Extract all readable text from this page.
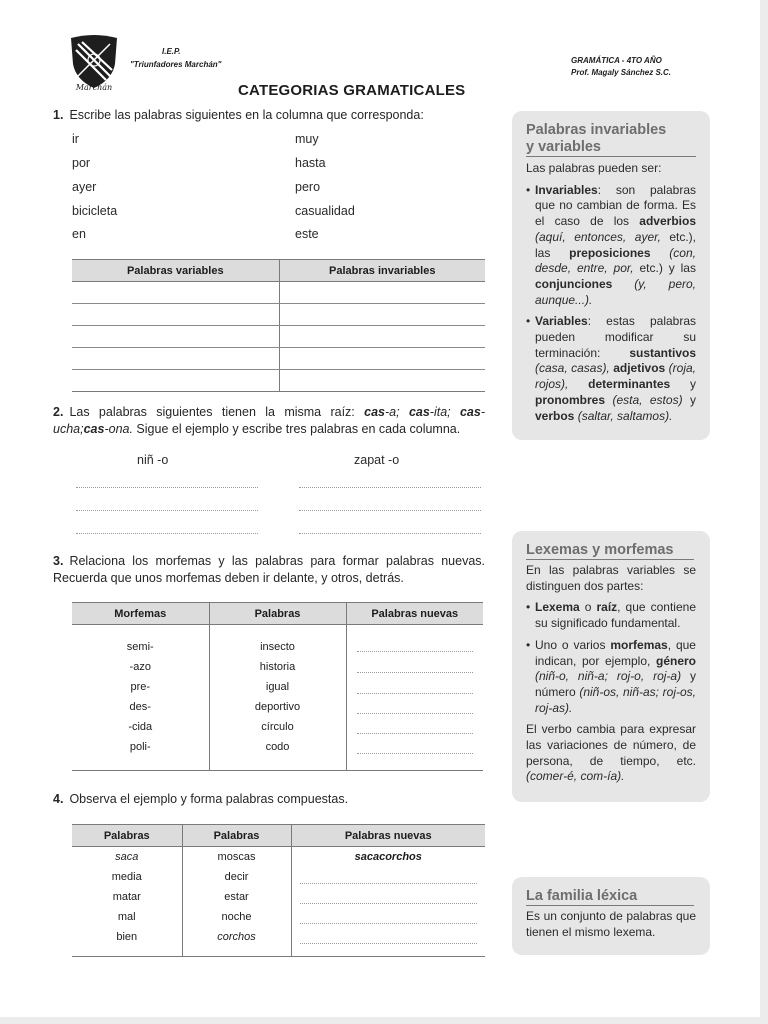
Marchán
I.E.P.
"Triunfadores Marchán"	GRAMÁTICA - 4TO AÑO
Prof. Magaly Sánchez S.C.
CATEGORIAS GRAMATICALES
1. Escribe las palabras siguientes en la columna que corresponda:
ir
por
ayer
bicicleta
en
muy
hasta
pero
casualidad
este
Palabras variables	Palabras invariables

2. Las palabras siguientes tienen la misma raíz: cas-a; cas-ita; cas-ucha;cas-ona. Sigue el ejemplo y escribe tres palabras en cada columna.
niñ -o	zapat -o
3. Relaciona los morfemas y las palabras para formar palabras nuevas. Recuerda que unos morfemas deben ir delante, y otros, detrás.
Morfemas	Palabras	Palabras nuevas

semi-	insecto	

-azo	historia	

pre-	igual	

des-	deportivo	

-cida	círculo	

poli-	codo	

4. Observa el ejemplo y forma palabras compuestas.
Palabras	Palabras	Palabras nuevas
saca	moscas	sacacorchos
media	decir	

matar	estar	

mal	noche	

bien	corchos	

Palabras invariables
y variables

Las palabras pueden ser:

• Invariables: son palabras que no cambian de forma. Es el caso de los adverbios (aquí, entonces, ayer, etc.), las preposiciones (con, desde, entre, por, etc.) y las conjunciones (y, pero, aunque...).
• Variables: estas palabras pueden modificar su terminación: sustantivos (casa, casas), adjetivos (roja, rojos), determinantes y pronombres (esta, estos) y verbos (saltar, saltamos).
Lexemas y morfemas

En las palabras variables se distinguen dos partes:

• Lexema o raíz, que contiene su significado fundamental.
• Uno o varios morfemas, que indican, por ejemplo, género (niñ-o, niñ-a; roj-o, roj-a) y número (niñ-os, niñ-as; roj-os, roj-as).

El verbo cambia para expresar las variaciones de número, de persona, de tiempo, etc. (comer-é, com-ía).

La familia léxica

Es un conjunto de palabras que tienen el mismo lexema.
